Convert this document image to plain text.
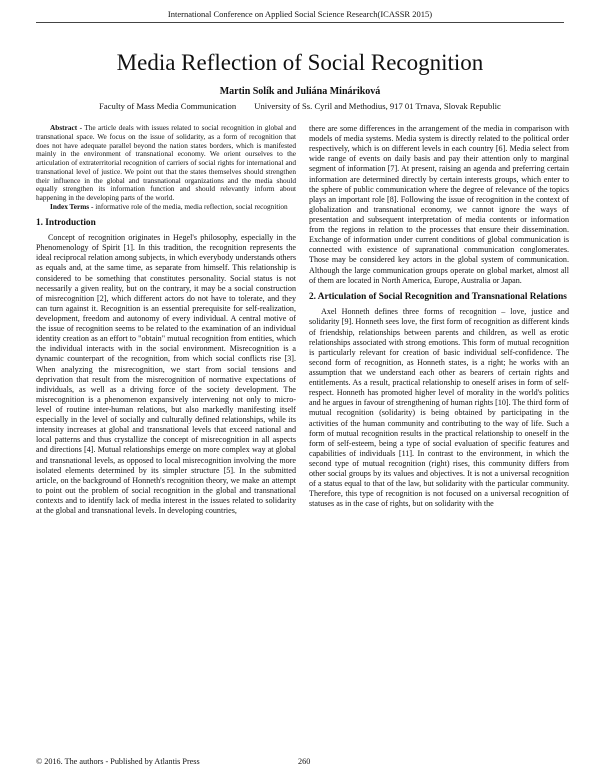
International Conference on Applied Social Science Research(ICASSR 2015)
Media Reflection of Social Recognition
Martin Solík and Juliána Mináriková
Faculty of Mass Media Communication University of Ss. Cyril and Methodius, 917 01 Trnava, Slovak Republic

Abstract - The article deals with issues related to social recognition in global and transnational space. We focus on the issue of solidarity, as a form of recognition that does not have adequate parallel beyond the nation states borders, which is manifested mainly in the environment of transnational economy. We orient ourselves to the articulation of extraterritorial recognition of carriers of social rights for international and transnational level of justice. We point out that the states themselves should strengthen their influence in the global and transnational organizations and the media should equally strengthen its information function and should relevantly inform about happening in the developing parts of the world.

Index Terms - informative role of the media, media reflection, social recognition

1. Introduction

Concept of recognition originates in Hegel's philosophy, especially in the Phenomenology of Spirit [1]. In this tradition, the recognition represents the ideal reciprocal relation among subjects, in which everybody understands others as equals and, at the same time, as separate from himself. This relationship is considered to be something that constitutes personality. Social status is not necessarily a given reality, but on the contrary, it may be a social construction of misrecognition [2], which different actors do not have to tolerate, and they can turn against it. Recognition is an essential prerequisite for self-realization, development, freedom and autonomy of every individual. A central motive of the issue of recognition seems to be related to the examination of an individual identity creation as an effort to "obtain" mutual recognition from entities, which the individual interacts with in the social environment. Misrecognition is a dynamic counterpart of the recognition, from which social conflicts rise [3]. When analyzing the misrecognition, we start from social tensions and deprivation that result from the misrecognition of normative expectations of individuals, as well as a driving force of the society development. The misrecognition is a phenomenon expansively intervening not only to micro-level of routine inter-human relations, but also markedly manifesting itself especially in the level of socially and culturally defined relationships, while its intensity increases at global and transnational levels that exceed national and local patterns and thus crystallize the concept of misrecognition in all aspects and directions [4]. Mutual relationships emerge on more complex way at global and transnational levels, as opposed to local misrecognition involving the more isolated elements determined by its simpler structure [5]. In the submitted article, on the background of Honneth's recognition theory, we make an attempt to point out the problem of social recognition in the global and transnational contexts and to identify lack of media interest in the issues related to solidarity at the global and transnational levels. In developing countries,

there are some differences in the arrangement of the media in comparison with models of media systems. Media system is directly related to the political order respectively, which is on different levels in each country [6]. Media select from wide range of events on daily basis and pay their attention only to marginal segment of information [7]. At present, raising an agenda and preferring certain information are determined directly by certain interests groups, which enter to the sphere of public communication where the degree of relevance of the topics plays an important role [8]. Following the issue of recognition in the context of globalization and transnational economy, we cannot ignore the ways of presentation and subsequent interpretation of media contents or information from the regions in relation to the processes that ensure their dissemination. Exchange of information under current conditions of global communication is connected with existence of supranational communication conglomerates. Those may be considered key actors in the global system of communication. Although the large communication groups operate on global market, almost all of them are located in North America, Europe, Australia or Japan.

2. Articulation of Social Recognition and Transnational Relations

Axel Honneth defines three forms of recognition – love, justice and solidarity [9]. Honneth sees love, the first form of recognition as different kinds of friendship, relationships between parents and children, as well as erotic relationships associated with strong emotions. This form of mutual recognition is particularly relevant for creation of basic individual self-confidence. The second form of recognition, as Honneth states, is a right; he works with an assumption that we understand each other as bearers of certain rights and entitlements. As a result, practical relationship to oneself arises in form of self-respect. Honneth has promoted higher level of morality in the world's politics and he argues in favour of strengthening of human rights [10]. The third form of mutual recognition (solidarity) is being obtained by participating in the activities of the human community and contributing to the way of life. Such a form of mutual recognition results in the practical relationship to oneself in the form of self-esteem, being a type of social evaluation of specific features and capabilities of individuals [11]. In contrast to the environment, in which the second type of mutual recognition (right) rises, this community differs from other social groups by its values and objectives. It is not a universal recognition of a status equal to that of the law, but solidarity with the particular community. Therefore, this type of recognition is not focused on a universal recognition of statuses as in the case of rights, but on solidarity with the

© 2016. The authors - Published by Atlantis Press	260
